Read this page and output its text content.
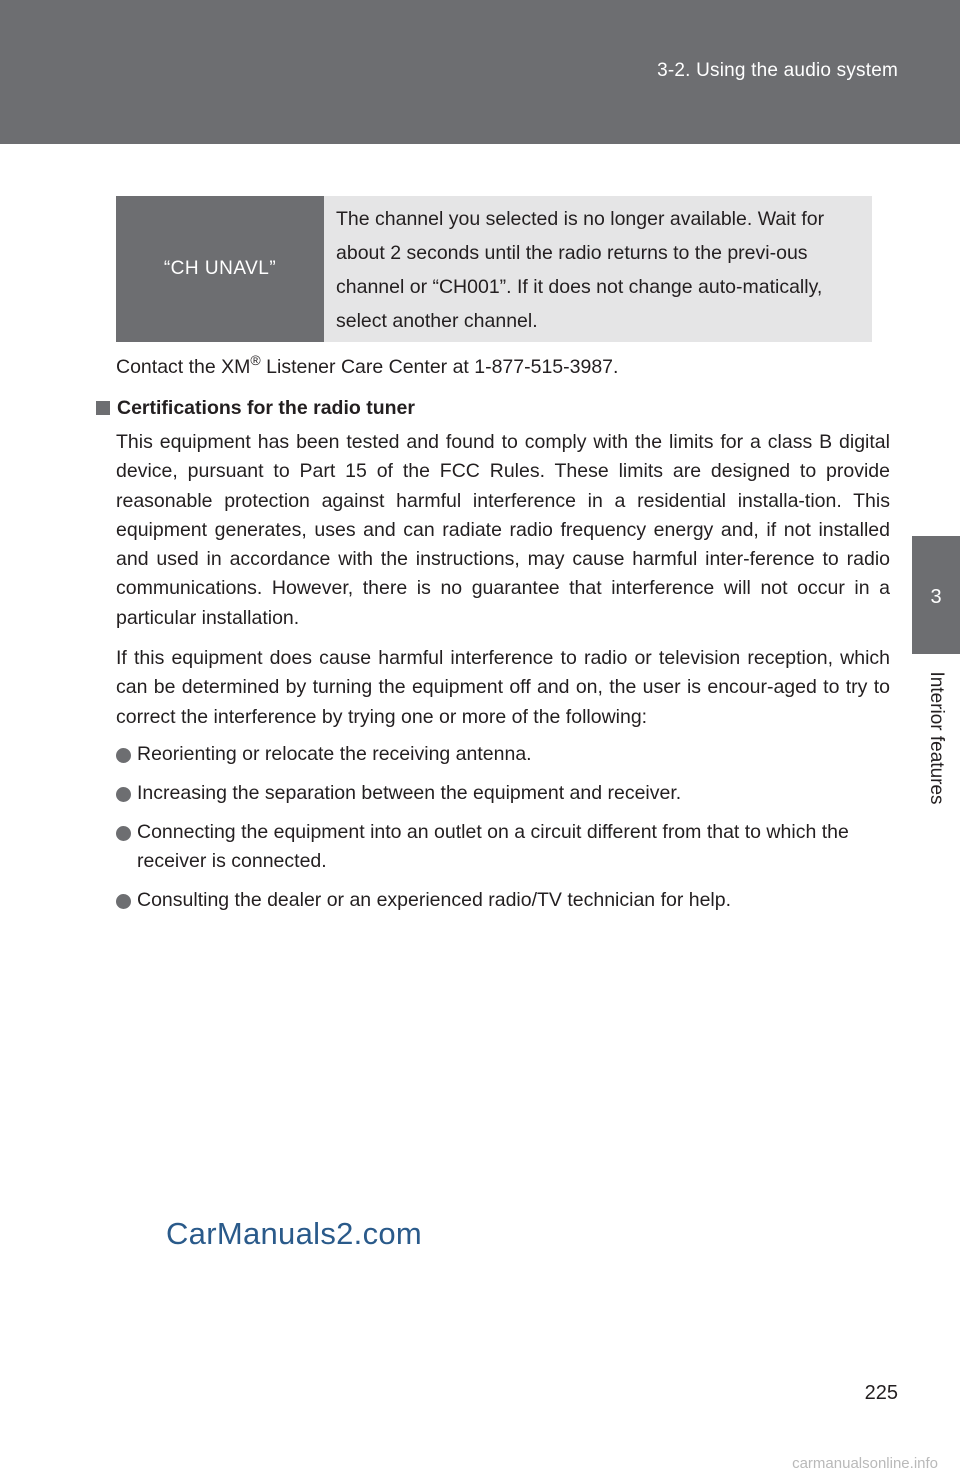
3-2. Using the audio system
3
Interior features
“CH UNAVL”
The channel you selected is no longer available. Wait for about 2 seconds until the radio returns to the previ-ous channel or “CH001”. If it does not change auto-matically, select another channel.
Contact the XM® Listener Care Center at 1-877-515-3987.
Certifications for the radio tuner
This equipment has been tested and found to comply with the limits for a class B digital device, pursuant to Part 15 of the FCC Rules. These limits are designed to provide reasonable protection against harmful interference in a residential installa-tion. This equipment generates, uses and can radiate radio frequency energy and, if not installed and used in accordance with the instructions, may cause harmful inter-ference to radio communications. However, there is no guarantee that interference will not occur in a particular installation.
If this equipment does cause harmful interference to radio or television reception, which can be determined by turning the equipment off and on, the user is encour-aged to try to correct the interference by trying one or more of the following:
Reorienting or relocate the receiving antenna.
Increasing the separation between the equipment and receiver.
Connecting the equipment into an outlet on a circuit different from that to which the receiver is connected.
Consulting the dealer or an experienced radio/TV technician for help.
CarManuals2.com
225
carmanualsonline.info
